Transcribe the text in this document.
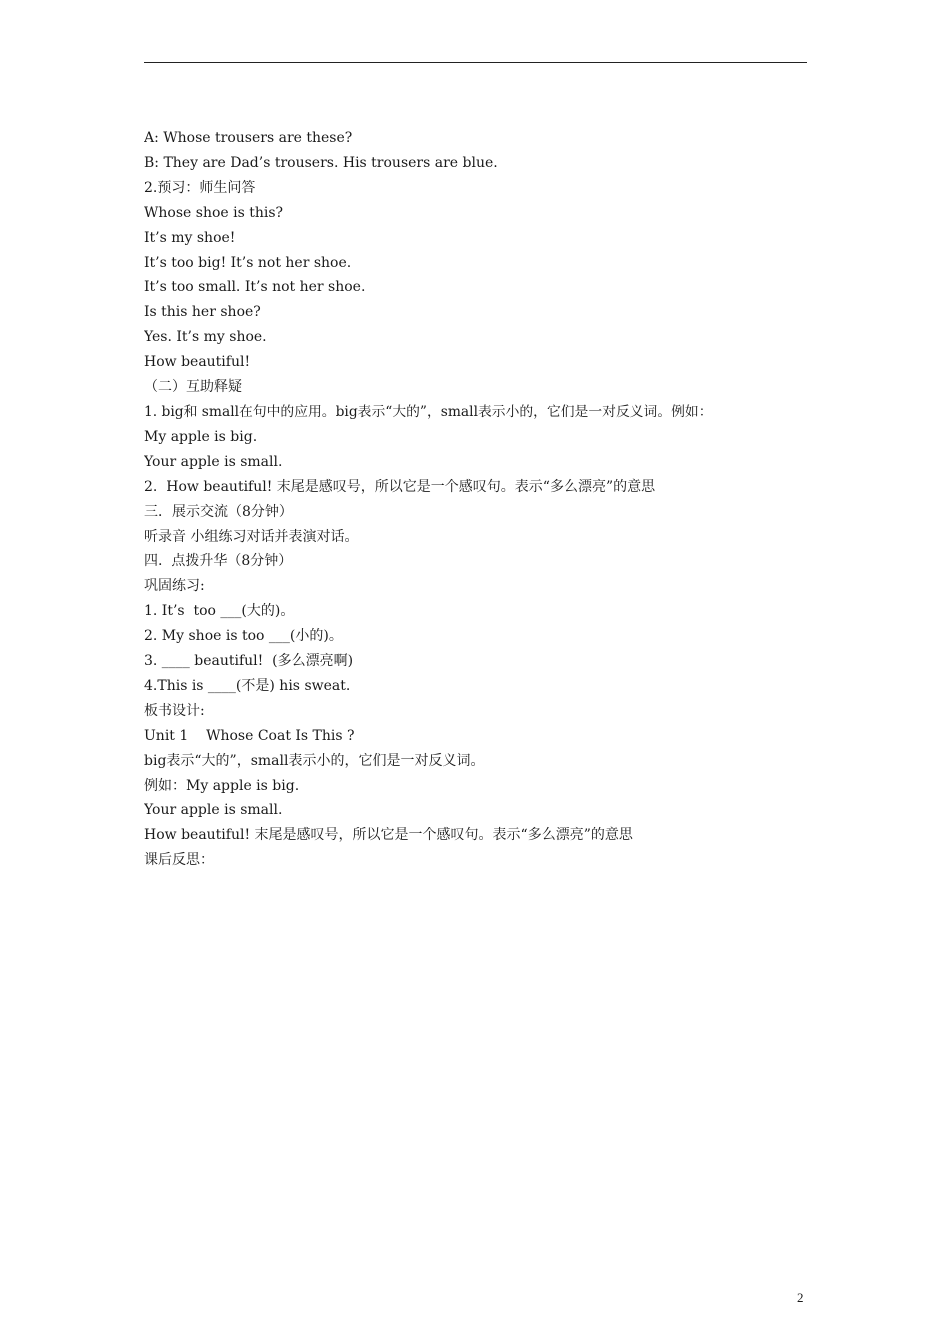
A: Whose trousers are these?
B: They are Dad’s trousers. His trousers are blue.
2.预习：师生问答
Whose shoe is this?
It’s my shoe!
It’s too big! It’s not her shoe.
It’s too small. It’s not her shoe.
Is this her shoe?
Yes. It’s my shoe.
How beautiful!
（二）互助释疑
1. big和 small在句中的应用。big表示“大的”，small表示小的，它们是一对反义词。例如：
My apple is big.
Your apple is small.
2.  How beautiful! 末尾是感叹号，所以它是一个感叹句。表示“多么漂亮”的意思
三．展示交流（8分钟）
听录音 小组练习对话并表演对话。
四.  点拨升华（8分钟）
巩固练习:
1. It’s  too ___(大的)。
2. My shoe is too ___(小的)。
3. ____ beautiful!  (多么漂亮啊)
4.This is ____(不是) his sweat.
板书设计:
Unit 1    Whose Coat Is This ?
big表示“大的”，small表示小的，它们是一对反义词。
例如：My apple is big.
Your apple is small.
How beautiful! 末尾是感叹号，所以它是一个感叹句。表示“多么漂亮”的意思
课后反思：
2
